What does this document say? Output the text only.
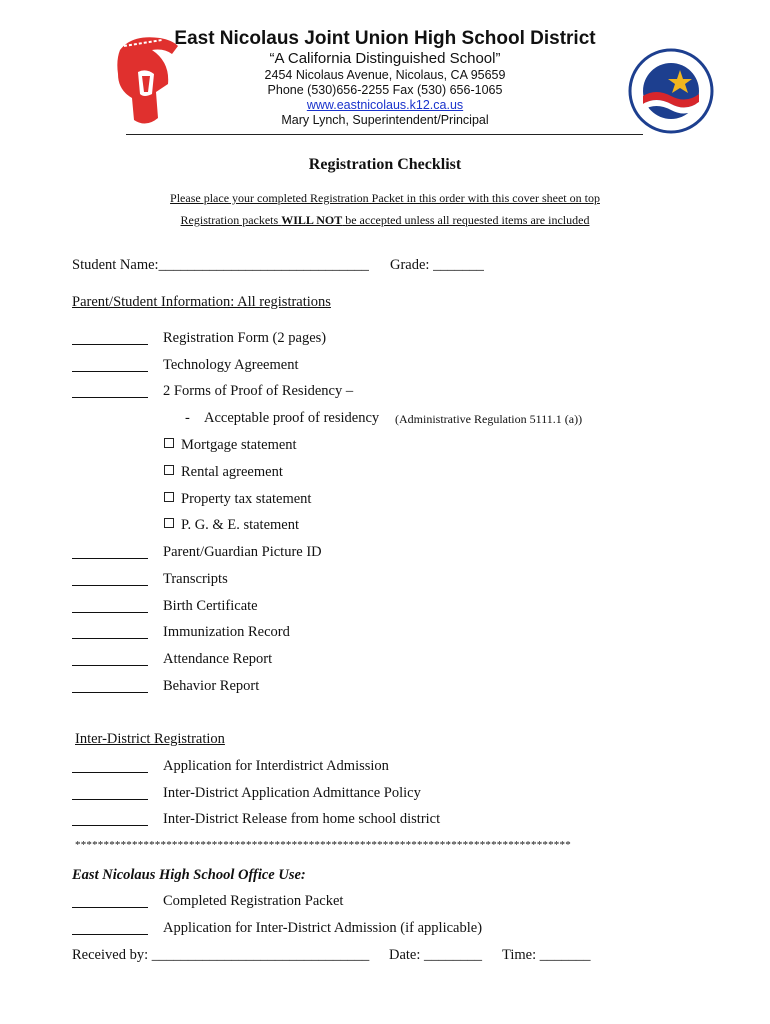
East Nicolaus Joint Union High School District
“A California Distinguished School”
2454 Nicolaus Avenue, Nicolaus, CA 95659
Phone (530)656-2255 Fax (530) 656-1065
www.eastnicolaus.k12.ca.us
Mary Lynch, Superintendent/Principal
Registration Checklist
Please place your completed Registration Packet in this order with this cover sheet on top
Registration packets WILL NOT be accepted unless all requested items are included
Student Name:_____________________________ Grade: _______
Parent/Student Information: All registrations
Registration Form (2 pages)
Technology Agreement
2 Forms of Proof of Residency –
- Acceptable proof of residency (Administrative Regulation 5111.1 (a))
Mortgage statement
Rental agreement
Property tax statement
P. G. & E. statement
Parent/Guardian Picture ID
Transcripts
Birth Certificate
Immunization Record
Attendance Report
Behavior Report
Inter-District Registration
Application for Interdistrict Admission
Inter-District Application Admittance Policy
Inter-District Release from home school district
***************************************************************************************
East Nicolaus High School Office Use:
Completed Registration Packet
Application for Inter-District Admission (if applicable)
Received by: ______________________________ Date: ________ Time: _______
